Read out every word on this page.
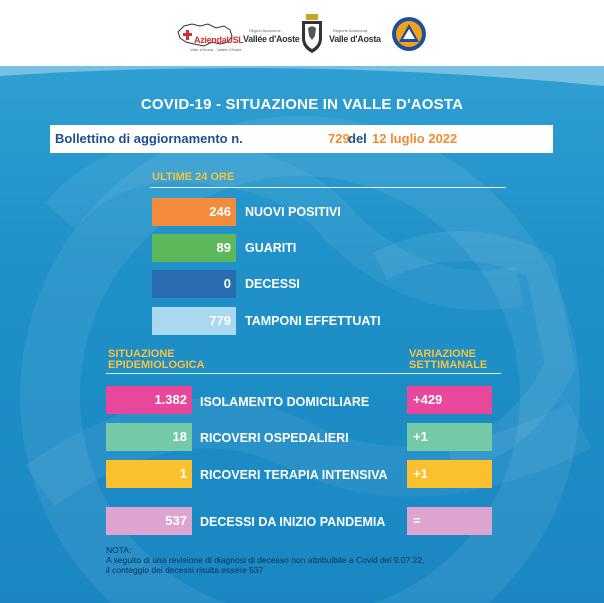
AziendaUSL
Valle d'Aosta - Vallée d'Aoste
Région Autonome
Vallée d'Aoste
Regione Autonoma
Valle d'Aosta
COVID-19 - SITUAZIONE IN VALLE D'AOSTA
Bollettino di aggiornamento n.	729
del 12 luglio 2022
ULTIME 24 ORE
246	NUOVI POSITIVI
89	GUARITI
0	DECESSI
779	TAMPONI EFFETTUATI
SITUAZIONE
EPIDEMIOLOGICA
VARIAZIONE
SETTIMANALE
1.382	ISOLAMENTO DOMICILIARE	+429
18	RICOVERI OSPEDALIERI	+1
1	RICOVERI TERAPIA INTENSIVA	+1
537	DECESSI DA INIZIO PANDEMIA	=
NOTA:
A seguito di una revisione di diagnosi di decesso non attribuibile a Covid del 9.07.22,
il conteggio dei decessi risulta essere 537
